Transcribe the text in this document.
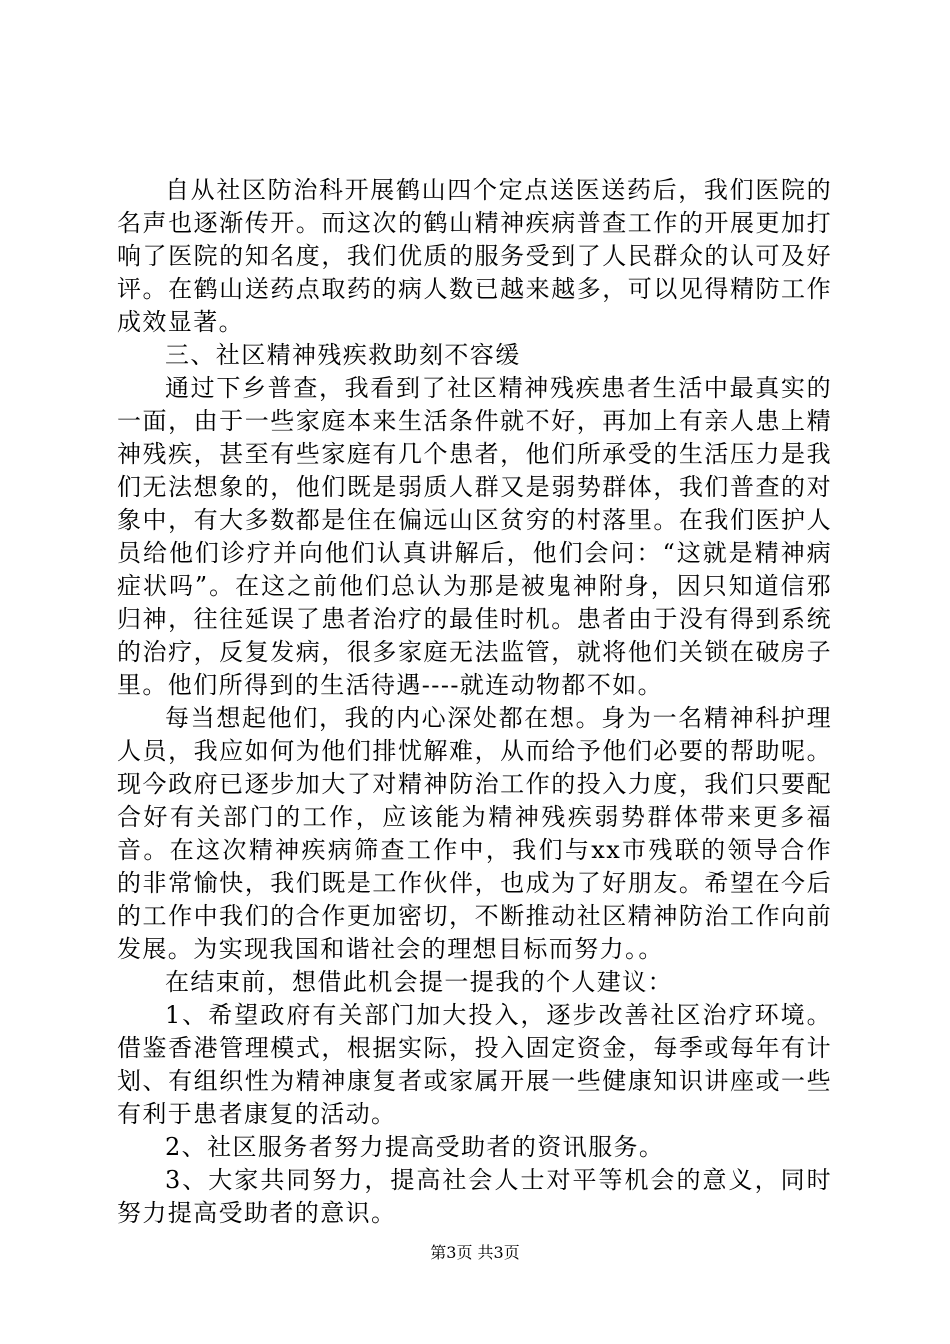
自从社区防治科开展鹤山四个定点送医送药后，我们医院的名声也逐渐传开。而这次的鹤山精神疾病普查工作的开展更加打响了医院的知名度，我们优质的服务受到了人民群众的认可及好评。在鹤山送药点取药的病人数已越来越多，可以见得精防工作成效显著。

三、社区精神残疾救助刻不容缓

通过下乡普查，我看到了社区精神残疾患者生活中最真实的一面，由于一些家庭本来生活条件就不好，再加上有亲人患上精神残疾，甚至有些家庭有几个患者，他们所承受的生活压力是我们无法想象的，他们既是弱质人群又是弱势群体，我们普查的对象中，有大多数都是住在偏远山区贫穷的村落里。在我们医护人员给他们诊疗并向他们认真讲解后，他们会问：“这就是精神病症状吗”。在这之前他们总认为那是被鬼神附身，因只知道信邪归神，往往延误了患者治疗的最佳时机。患者由于没有得到系统的治疗，反复发病，很多家庭无法监管，就将他们关锁在破房子里。他们所得到的生活待遇----就连动物都不如。

每当想起他们，我的内心深处都在想。身为一名精神科护理人员，我应如何为他们排忧解难，从而给予他们必要的帮助呢。现今政府已逐步加大了对精神防治工作的投入力度，我们只要配合好有关部门的工作，应该能为精神残疾弱势群体带来更多福音。在这次精神疾病筛查工作中，我们与xx市残联的领导合作的非常愉快，我们既是工作伙伴，也成为了好朋友。希望在今后的工作中我们的合作更加密切，不断推动社区精神防治工作向前发展。为实现我国和谐社会的理想目标而努力。。

在结束前，想借此机会提一提我的个人建议：

1、希望政府有关部门加大投入，逐步改善社区治疗环境。借鉴香港管理模式，根据实际，投入固定资金，每季或每年有计划、有组织性为精神康复者或家属开展一些健康知识讲座或一些有利于患者康复的活动。

2、社区服务者努力提高受助者的资讯服务。

3、大家共同努力，提高社会人士对平等机会的意义，同时努力提高受助者的意识。

第3页 共3页
